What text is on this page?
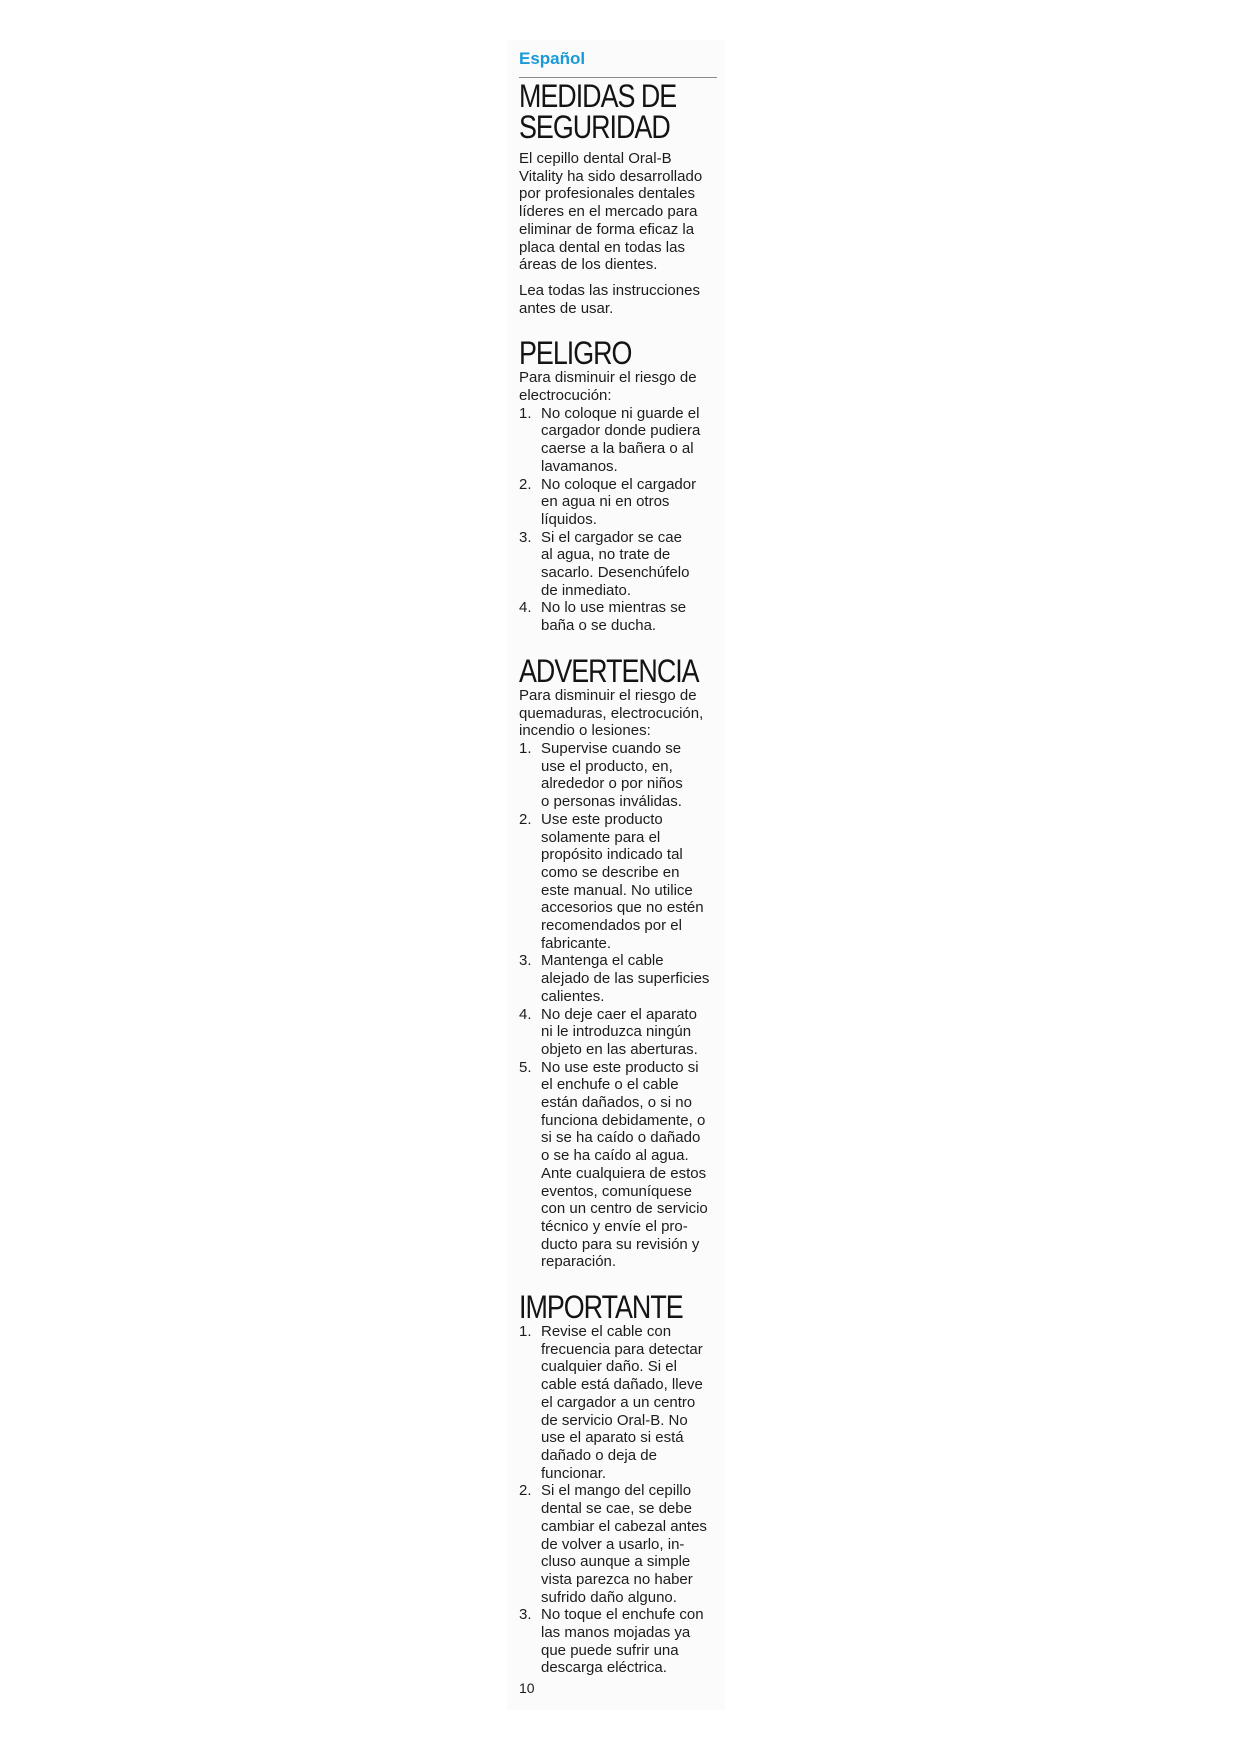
Español
MEDIDAS DE
SEGURIDAD
El cepillo dental Oral-B
Vitality ha sido desarrollado
por profesionales dentales
líderes en el mercado para
eliminar de forma eficaz la
placa dental en todas las
áreas de los dientes.
Lea todas las instrucciones
antes de usar.
PELIGRO
Para disminuir el riesgo de
electrocución:
1. No coloque ni guarde el
cargador donde pudiera
caerse a la bañera o al
lavamanos.
2. No coloque el cargador
en agua ni en otros
líquidos.
3. Si el cargador se cae
al agua, no trate de
sacarlo. Desenchúfelo
de inmediato.
4. No lo use mientras se
baña o se ducha.
ADVERTENCIA
Para disminuir el riesgo de
quemaduras, electrocución,
incendio o lesiones:
1. Supervise cuando se
use el producto, en,
alrededor o por niños
o personas inválidas.
2. Use este producto
solamente para el
propósito indicado tal
como se describe en
este manual. No utilice
accesorios que no estén
recomendados por el
fabricante.
3. Mantenga el cable
alejado de las superficies
calientes.
4. No deje caer el aparato
ni le introduzca ningún
objeto en las aberturas.
5. No use este producto si
el enchufe o el cable
están dañados, o si no
funciona debidamente, o
si se ha caído o dañado
o se ha caído al agua.
Ante cualquiera de estos
eventos, comuníquese
con un centro de servicio
técnico y envíe el pro-
ducto para su revisión y
reparación.
IMPORTANTE
1. Revise el cable con
frecuencia para detectar
cualquier daño. Si el
cable está dañado, lleve
el cargador a un centro
de servicio Oral-B. No
use el aparato si está
dañado o deja de
funcionar.
2. Si el mango del cepillo
dental se cae, se debe
cambiar el cabezal antes
de volver a usarlo, in-
cluso aunque a simple
vista parezca no haber
sufrido daño alguno.
3. No toque el enchufe con
las manos mojadas ya
que puede sufrir una
descarga eléctrica.
10
